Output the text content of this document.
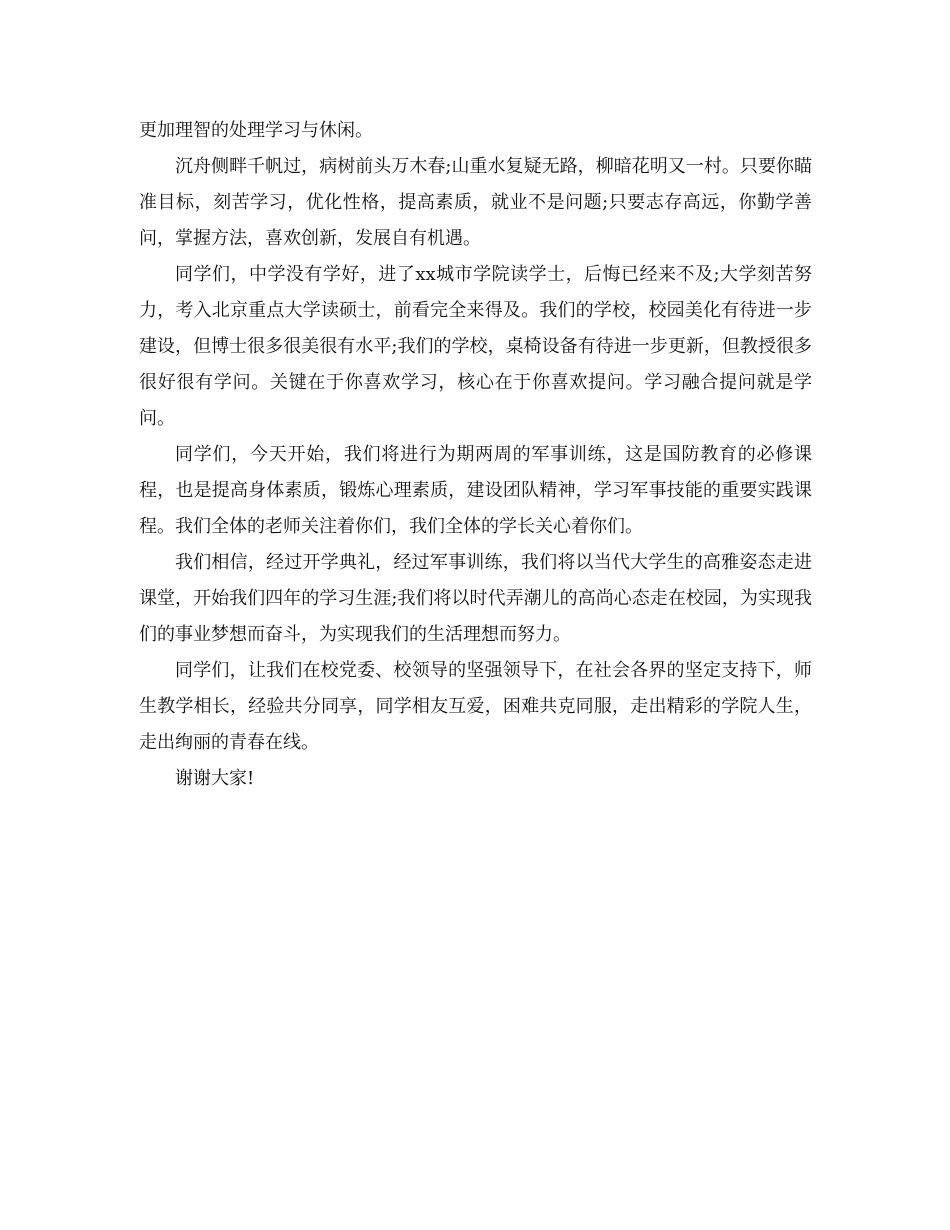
更加理智的处理学习与休闲。

沉舟侧畔千帆过，病树前头万木春;山重水复疑无路，柳暗花明又一村。只要你瞄准目标，刻苦学习，优化性格，提高素质，就业不是问题;只要志存高远，你勤学善问，掌握方法，喜欢创新，发展自有机遇。

同学们，中学没有学好，进了xx城市学院读学士，后悔已经来不及;大学刻苦努力，考入北京重点大学读硕士，前看完全来得及。我们的学校，校园美化有待进一步建设，但博士很多很美很有水平;我们的学校，桌椅设备有待进一步更新，但教授很多很好很有学问。关键在于你喜欢学习，核心在于你喜欢提问。学习融合提问就是学问。

同学们，今天开始，我们将进行为期两周的军事训练，这是国防教育的必修课程，也是提高身体素质，锻炼心理素质，建设团队精神，学习军事技能的重要实践课程。我们全体的老师关注着你们，我们全体的学长关心着你们。

我们相信，经过开学典礼，经过军事训练，我们将以当代大学生的高雅姿态走进课堂，开始我们四年的学习生涯;我们将以时代弄潮儿的高尚心态走在校园，为实现我们的事业梦想而奋斗，为实现我们的生活理想而努力。

同学们，让我们在校党委、校领导的坚强领导下，在社会各界的坚定支持下，师生教学相长，经验共分同享，同学相友互爱，困难共克同服，走出精彩的学院人生，走出绚丽的青春在线。

谢谢大家!
